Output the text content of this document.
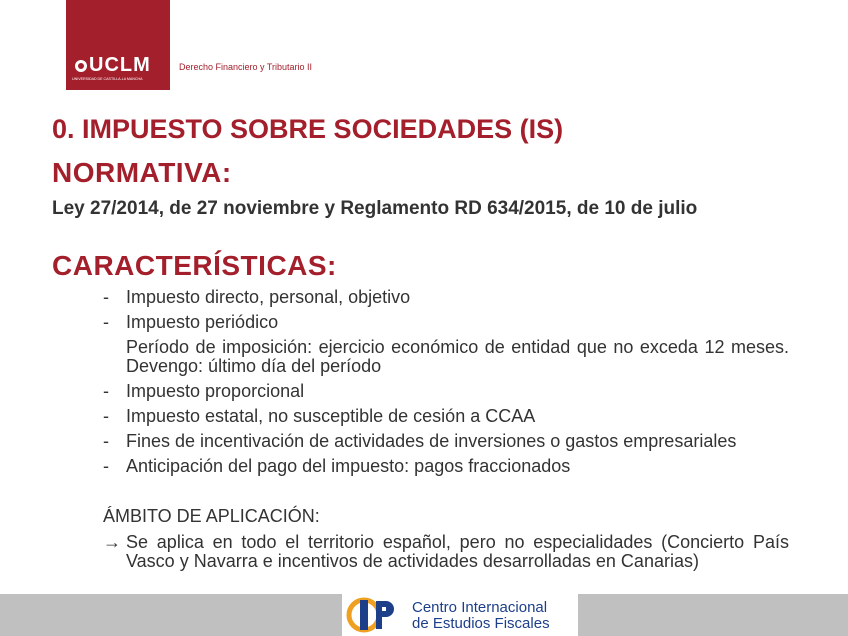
UCLM
UNIVERSIDAD DE CASTILLA-LA MANCHA
Derecho Financiero y Tributario II
0. IMPUESTO SOBRE SOCIEDADES (IS)
NORMATIVA:
Ley 27/2014, de 27 noviembre y Reglamento RD 634/2015, de 10 de julio
CARACTERÍSTICAS:
- Impuesto directo, personal, objetivo
- Impuesto periódico
Período de imposición: ejercicio económico de entidad que no exceda 12 meses. Devengo: último día del período
- Impuesto proporcional
- Impuesto estatal, no susceptible de cesión a CCAA
- Fines de incentivación de actividades de inversiones o gastos empresariales
- Anticipación del pago del impuesto: pagos fraccionados
ÁMBITO DE APLICACIÓN:
→ Se aplica en todo el territorio español, pero no especialidades (Concierto País Vasco y Navarra e incentivos de actividades desarrolladas en Canarias)
Centro Internacional
de Estudios Fiscales
